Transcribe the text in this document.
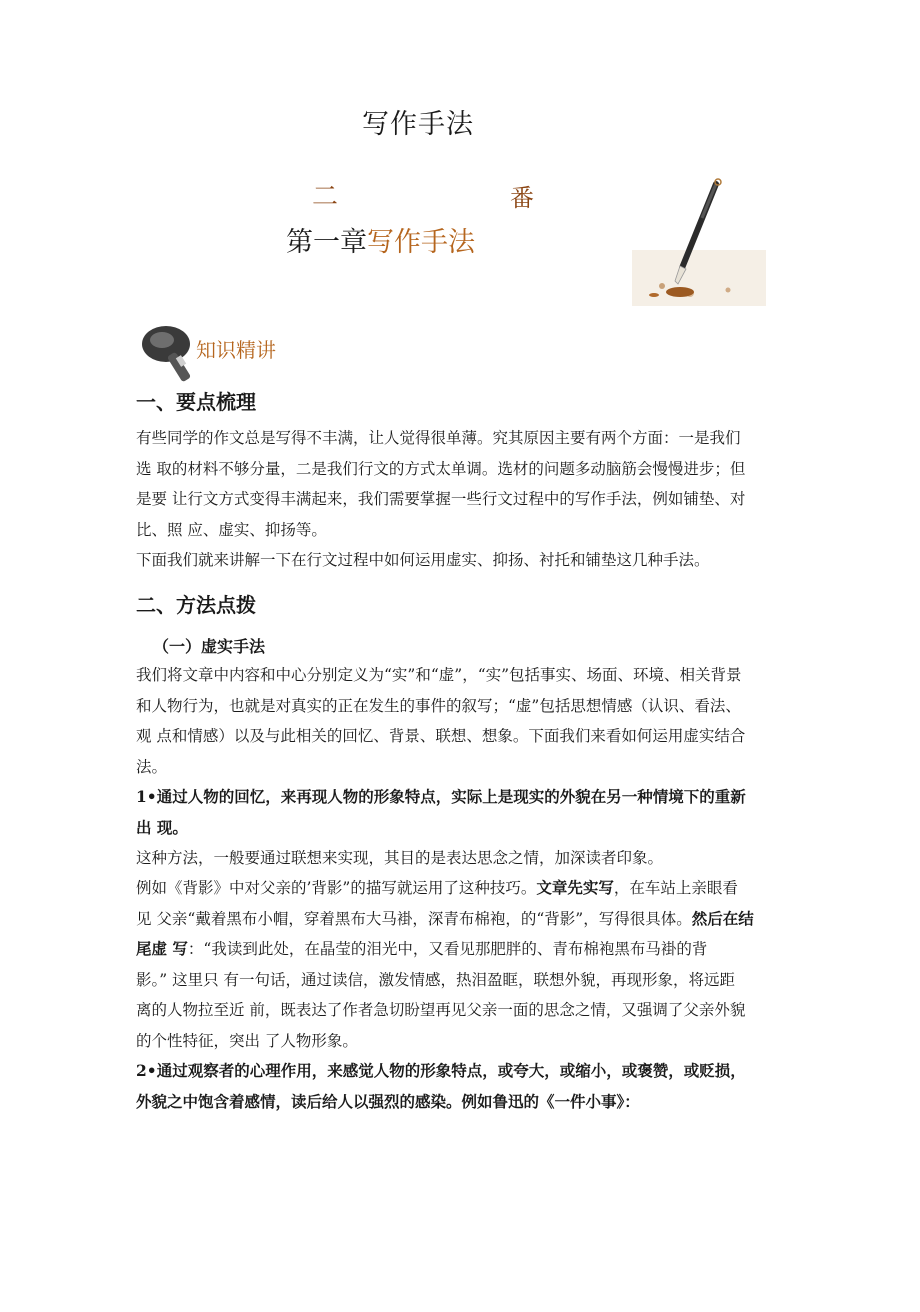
写作手法
二	番
第一章写作手法
知识精讲
一、要点梳理

有些同学的作文总是写得不丰满，让人觉得很单薄。究其原因主要有两个方面：一是我们
选 取的材料不够分量，二是我们行文的方式太单调。选材的问题多动脑筋会慢慢进步；但
是要 让行文方式变得丰满起来，我们需要掌握一些行文过程中的写作手法，例如铺垫、对
比、照 应、虚实、抑扬等。

下面我们就来讲解一下在行文过程中如何运用虚实、抑扬、衬托和铺垫这几种手法。

二、方法点拨
（一）虚实手法

我们将文章中内容和中心分别定义为“实”和“虚”，“实”包括事实、场面、环境、相关背景
和人物行为，也就是对真实的正在发生的事件的叙写；“虚”包括思想情感（认识、看法、
观 点和情感）以及与此相关的回忆、背景、联想、想象。下面我们来看如何运用虚实结合
法。

1•通过人物的回忆，来再现人物的形象特点，实际上是现实的外貌在另一种情境下的重新
出 现。

这种方法，一般要通过联想来实现，其目的是表达思念之情，加深读者印象。

例如《背影》中对父亲的’背影”的描写就运用了这种技巧。文章先实写，在车站上亲眼看
见 父亲“戴着黑布小帽，穿着黑布大马褂，深青布棉袍，的“背影”，写得很具体。然后在结
尾虚 写：“我读到此处，在晶莹的泪光中，又看见那肥胖的、青布棉袍黑布马褂的背
影。” 这里只 有一句话，通过读信，激发情感，热泪盈眶，联想外貌，再现形象，将远距
离的人物拉至近 前，既表达了作者急切盼望再见父亲一面的思念之情，又强调了父亲外貌
的个性特征，突出 了人物形象。

2•通过观察者的心理作用，来感觉人物的形象特点，或夸大，或缩小，或褒赞，或贬损，
外貌之中饱含着感情，读后给人以强烈的感染。例如鲁迅的《一件小事》：
